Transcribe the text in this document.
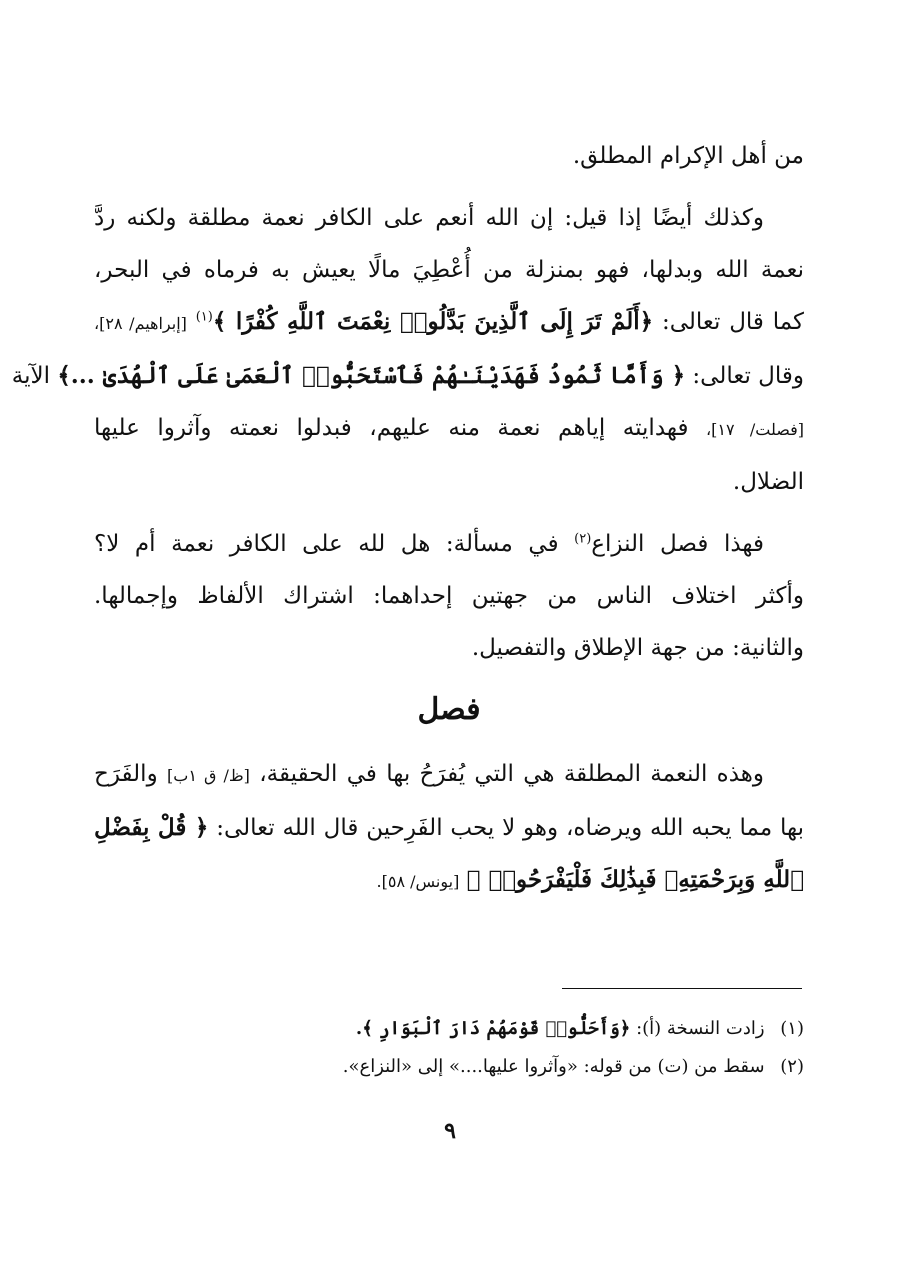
من أهل الإكرام المطلق.
وكذلك أيضًا إذا قيل: إن الله أنعم على الكافر نعمة مطلقة ولكنه ردَّ
نعمة الله وبدلها، فهو بمنزلة من أُعْطِيَ مالًا يعيش به فرماه في البحر،
كما قال تعالى: ﴿أَلَمْ تَرَ إِلَى ٱلَّذِينَ بَدَّلُوا۟ نِعْمَتَ ٱللَّهِ كُفْرًا ﴾$^{(١)}$ [إبراهيم/ ٢٨]،
وقال تعالى: ﴿ وَأَمَّا ثَمُودُ فَهَدَيْنَـٰهُمْ فَٱسْتَحَبُّوا۟ ٱلْعَمَىٰ عَلَى ٱلْهُدَىٰ ...﴾ الآية
[فصلت/ ١٧]، فهدايته إياهم نعمة منه عليهم، فبدلوا نعمته وآثروا عليها
الضلال.
فهذا فصل النزاع$^{(٢)}$ في مسألة: هل لله على الكافر نعمة أم لا؟
وأكثر اختلاف الناس من جهتين إحداهما: اشتراك الألفاظ وإجمالها.
والثانية: من جهة الإطلاق والتفصيل.
فصل
وهذه النعمة المطلقة هي التي يُفرَحُ بها في الحقيقة، [ظ/ ق ١ب] والفَرَح
بها مما يحبه الله ويرضاه، وهو لا يحب الفَرِحين قال الله تعالى: ﴿ قُلْ بِفَضْلِ
ٱللَّهِ وَبِرَحْمَتِهِۦ فَبِذَٰلِكَ فَلْيَفْرَحُوا۟ ﴾ [يونس/ ٥٨].
(١) زادت النسخة (أ): ﴿وَأَحَلُّوا۟ قَوْمَهُمْ دَارَ ٱلْبَوَارِ ﴾.
(٢) سقط من (ت) من قوله: «وآثروا عليها....» إلى «النزاع».
٩
